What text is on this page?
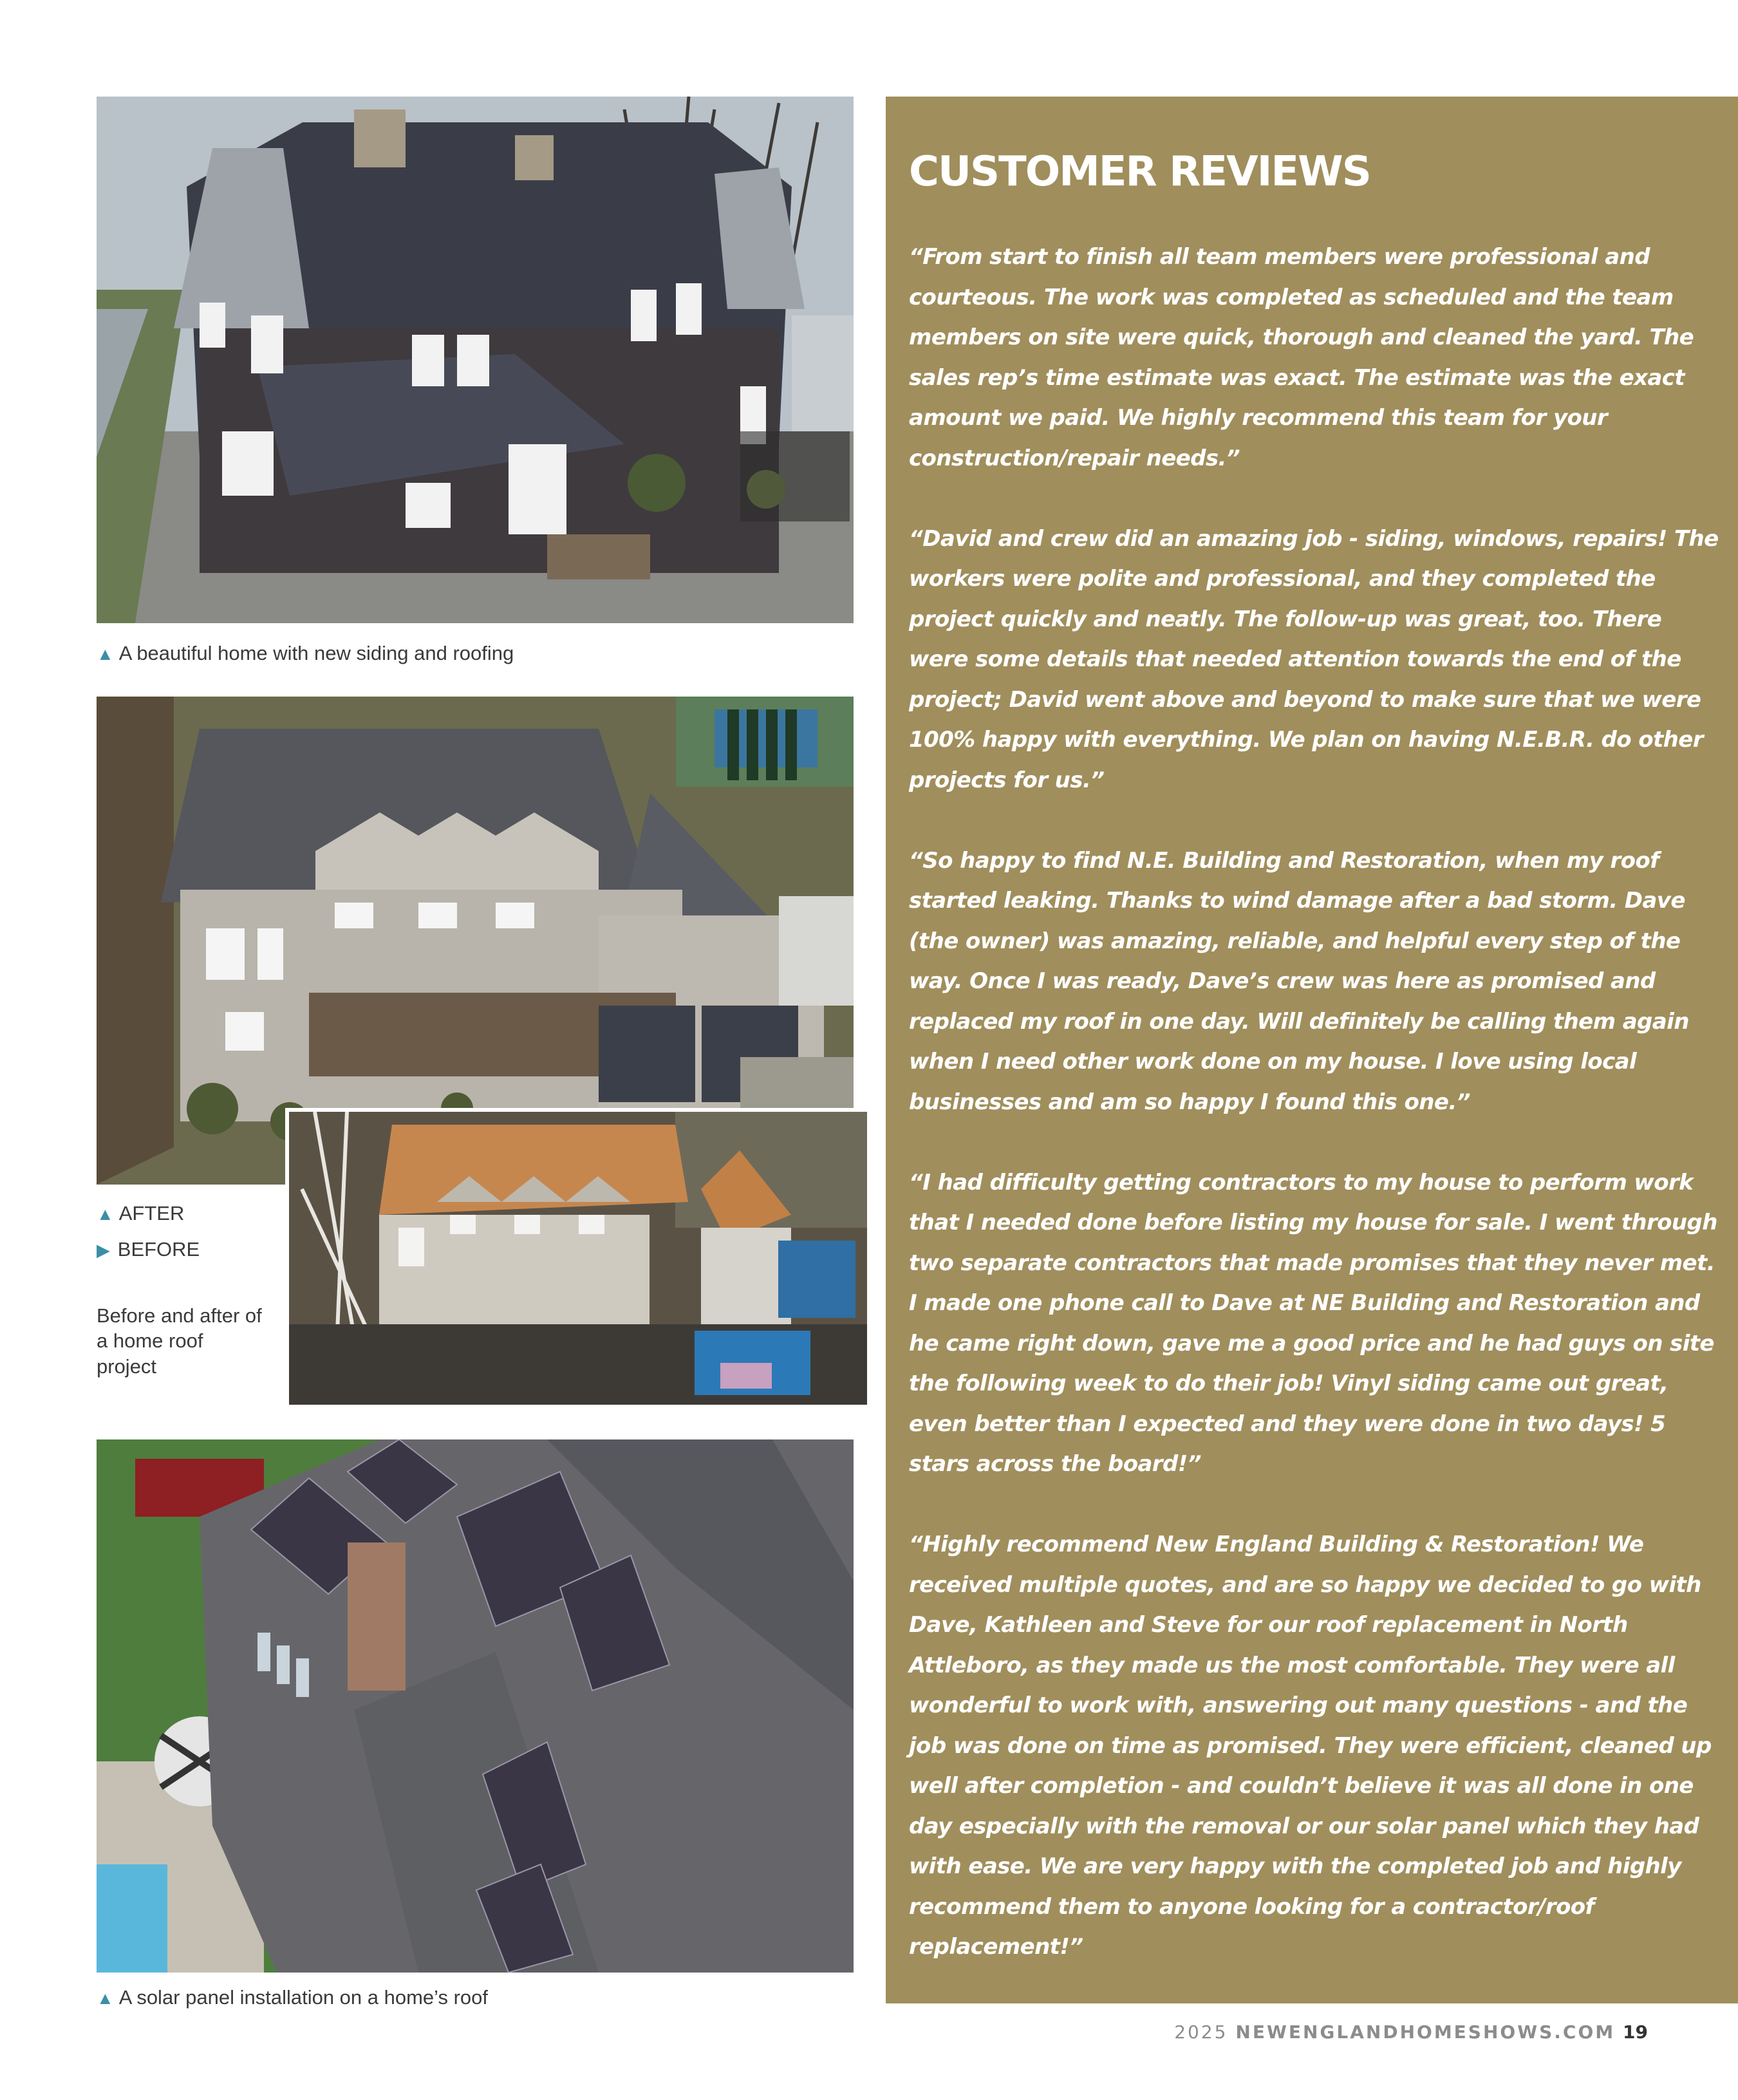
▲ A beautiful home with new siding and roofing
▲ AFTER
▶ BEFORE
Before and after of a home roof project
▲ A solar panel installation on a home’s roof
CUSTOMER REVIEWS

“From start to finish all team members were professional and courteous. The work was completed as scheduled and the team members on site were quick, thorough and cleaned the yard. The sales rep’s time estimate was exact. The estimate was the exact amount we paid. We highly recommend this team for your construction/repair needs.”

“David and crew did an amazing job - siding, windows, repairs! The workers were polite and professional, and they completed the project quickly and neatly. The follow-up was great, too. There were some details that needed attention towards the end of the project; David went above and beyond to make sure that we were 100% happy with everything. We plan on having N.E.B.R. do other projects for us.”

“So happy to find N.E. Building and Restoration, when my roof started leaking. Thanks to wind damage after a bad storm. Dave (the owner) was amazing, reliable, and helpful every step of the way. Once I was ready, Dave’s crew was here as promised and replaced my roof in one day. Will definitely be calling them again when I need other work done on my house. I love using local businesses and am so happy I found this one.”

“I had difficulty getting contractors to my house to perform work that I needed done before listing my house for sale. I went through two separate contractors that made promises that they never met. I made one phone call to Dave at NE Building and Restoration and he came right down, gave me a good price and he had guys on site the following week to do their job! Vinyl siding came out great, even better than I expected and they were done in two days! 5 stars across the board!”

“Highly recommend New England Building & Restoration! We received multiple quotes, and are so happy we decided to go with Dave, Kathleen and Steve for our roof replacement in North Attleboro, as they made us the most comfortable. They were all wonderful to work with, answering out many questions - and the job was done on time as promised. They were efficient, cleaned up well after completion - and couldn’t believe it was all done in one day especially with the removal or our solar panel which they had with ease. We are very happy with the completed job and highly recommend them to anyone looking for a contractor/roof replacement!”

2025 NEWENGLANDHOMESHOWS.COM 19
